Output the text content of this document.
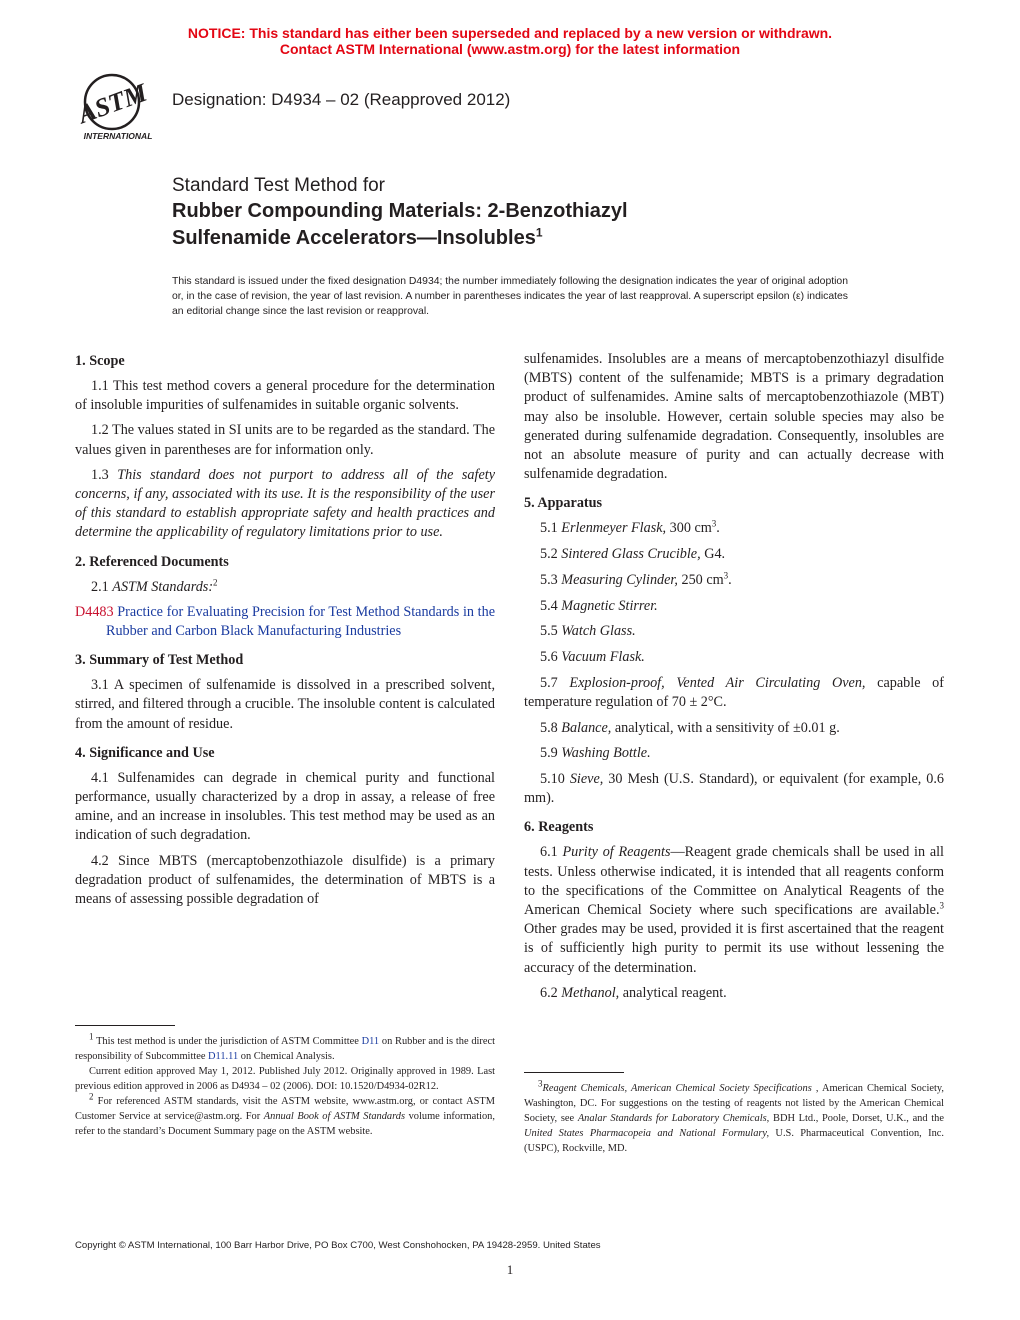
NOTICE: This standard has either been superseded and replaced by a new version or withdrawn.
Contact ASTM International (www.astm.org) for the latest information
ASTM
INTERNATIONAL
Designation: D4934 – 02 (Reapproved 2012)
Standard Test Method for
Rubber Compounding Materials: 2-Benzothiazyl
Sulfenamide Accelerators—Insolubles$^1$
This standard is issued under the fixed designation D4934; the number immediately following the designation indicates the year of original adoption or, in the case of revision, the year of last revision. A number in parentheses indicates the year of last reapproval. A superscript epsilon (ε) indicates an editorial change since the last revision or reapproval.
1. Scope

1.1 This test method covers a general procedure for the determination of insoluble impurities of sulfenamides in suitable organic solvents.

1.2 The values stated in SI units are to be regarded as the standard. The values given in parentheses are for information only.

1.3 This standard does not purport to address all of the safety concerns, if any, associated with its use. It is the responsibility of the user of this standard to establish appropriate safety and health practices and determine the applicability of regulatory limitations prior to use.

2. Referenced Documents

2.1 ASTM Standards:$^2$

D4483 Practice for Evaluating Precision for Test Method Standards in the Rubber and Carbon Black Manufacturing Industries

3. Summary of Test Method

3.1 A specimen of sulfenamide is dissolved in a prescribed solvent, stirred, and filtered through a crucible. The insoluble content is calculated from the amount of residue.

4. Significance and Use

4.1 Sulfenamides can degrade in chemical purity and functional performance, usually characterized by a drop in assay, a release of free amine, and an increase in insolubles. This test method may be used as an indication of such degradation.

4.2 Since MBTS (mercaptobenzothiazole disulfide) is a primary degradation product of sulfenamides, the determination of MBTS is a means of assessing possible degradation of

sulfenamides. Insolubles are a means of mercaptobenzothiazyl disulfide (MBTS) content of the sulfenamide; MBTS is a primary degradation product of sulfenamides. Amine salts of mercaptobenzothiazole (MBT) may also be insoluble. However, certain soluble species may also be generated during sulfenamide degradation. Consequently, insolubles are not an absolute measure of purity and can actually decrease with sulfenamide degradation.

5. Apparatus

5.1 Erlenmeyer Flask, 300 $cm^3$.

5.2 Sintered Glass Crucible, G4.

5.3 Measuring Cylinder, 250 $cm^3$.

5.4 Magnetic Stirrer.

5.5 Watch Glass.

5.6 Vacuum Flask.

5.7 Explosion-proof, Vented Air Circulating Oven, capable of temperature regulation of 70 ± 2°C.

5.8 Balance, analytical, with a sensitivity of ±0.01 g.

5.9 Washing Bottle.

5.10 Sieve, 30 Mesh (U.S. Standard), or equivalent (for example, 0.6 mm).

6. Reagents

6.1 Purity of Reagents—Reagent grade chemicals shall be used in all tests. Unless otherwise indicated, it is intended that all reagents conform to the specifications of the Committee on Analytical Reagents of the American Chemical Society where such specifications are available.$^3$ Other grades may be used, provided it is first ascertained that the reagent is of sufficiently high purity to permit its use without lessening the accuracy of the determination.

6.2 Methanol, analytical reagent.

$^1$ This test method is under the jurisdiction of ASTM Committee D11 on Rubber and is the direct responsibility of Subcommittee D11.11 on Chemical Analysis.

Current edition approved May 1, 2012. Published July 2012. Originally approved in 1989. Last previous edition approved in 2006 as D4934 – 02 (2006). DOI: 10.1520/D4934-02R12.

$^2$ For referenced ASTM standards, visit the ASTM website, www.astm.org, or contact ASTM Customer Service at service@astm.org. For Annual Book of ASTM Standards volume information, refer to the standard’s Document Summary page on the ASTM website.

$^3$Reagent Chemicals, American Chemical Society Specifications , American Chemical Society, Washington, DC. For suggestions on the testing of reagents not listed by the American Chemical Society, see Analar Standards for Laboratory Chemicals, BDH Ltd., Poole, Dorset, U.K., and the United States Pharmacopeia and National Formulary, U.S. Pharmaceutical Convention, Inc. (USPC), Rockville, MD.

Copyright © ASTM International, 100 Barr Harbor Drive, PO Box C700, West Conshohocken, PA 19428-2959. United States
1
